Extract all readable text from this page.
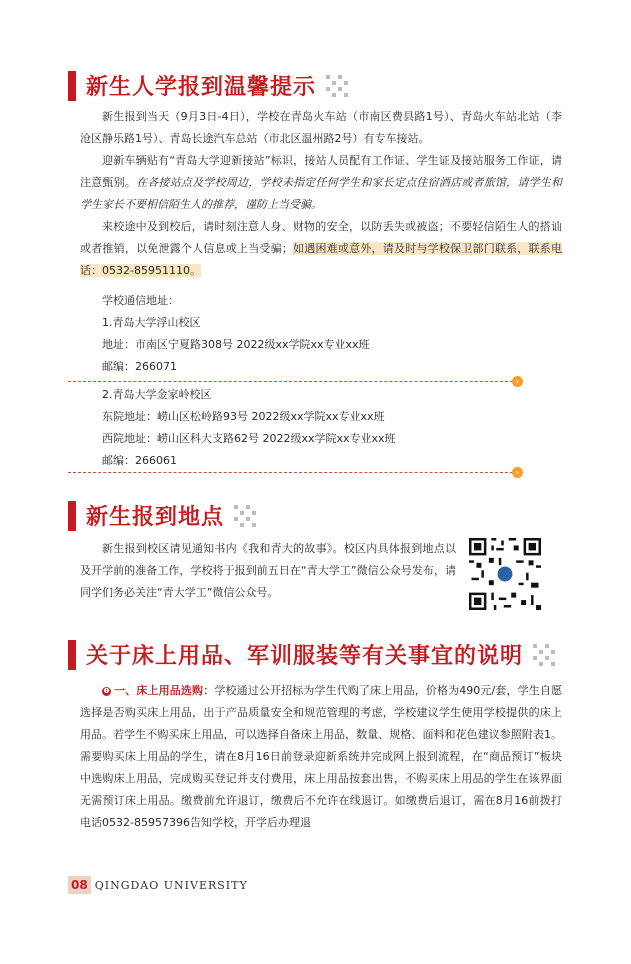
新生人学报到温馨提示

新生报到当天（9月3日-4日），学校在青岛火车站（市南区费县路1号）、青岛火车站北站（李沧区静乐路1号）、青岛长途汽车总站（市北区温州路2号）有专车接站。

迎新车辆贴有“青岛大学迎新接站”标识，接站人员配有工作证、学生证及接站服务工作证，请注意甄别。在各接站点及学校周边，学校未指定任何学生和家长定点住宿酒店或者旅馆，请学生和学生家长不要相信陌生人的推荐，谨防上当受骗。

来校途中及到校后，请时刻注意人身、财物的安全，以防丢失或被盗；不要轻信陌生人的搭讪或者推销，以免泄露个人信息或上当受骗；如遇困难或意外，请及时与学校保卫部门联系，联系电话：0532-85951110。

学校通信地址：
1.青岛大学浮山校区
地址：市南区宁夏路308号 2022级xx学院xx专业xx班
邮编：266071
›
2.青岛大学金家岭校区
东院地址：崂山区松岭路93号 2022级xx学院xx专业xx班
西院地址：崂山区科大支路62号 2022级xx学院xx专业xx班
邮编：266061
›
新生报到地点

新生报到校区请见通知书内《我和青大的故事》。校区内具体报到地点以及开学前的准备工作，学校将于报到前五日在“青大学工”微信公众号发布，请同学们务必关注“青大学工”微信公众号。

关于床上用品、军训服装等有关事宜的说明

❶ 一、床上用品选购：学校通过公开招标为学生代购了床上用品，价格为490元/套，学生自愿选择是否购买床上用品，出于产品质量安全和规范管理的考虑，学校建议学生使用学校提供的床上用品。若学生不购买床上用品，可以选择自备床上用品，数量、规格、面料和花色建议参照附表1。需要购买床上用品的学生，请在8月16日前登录迎新系统并完成网上报到流程，在“商品预订”板块中选购床上用品，完成购买登记并支付费用，床上用品按套出售，不购买床上用品的学生在该界面无需预订床上用品。缴费前允许退订，缴费后不允许在线退订。如缴费后退订，需在8月16前拨打电话0532-85957396告知学校，开学后办理退

08 QINGDAO UNIVERSITY
